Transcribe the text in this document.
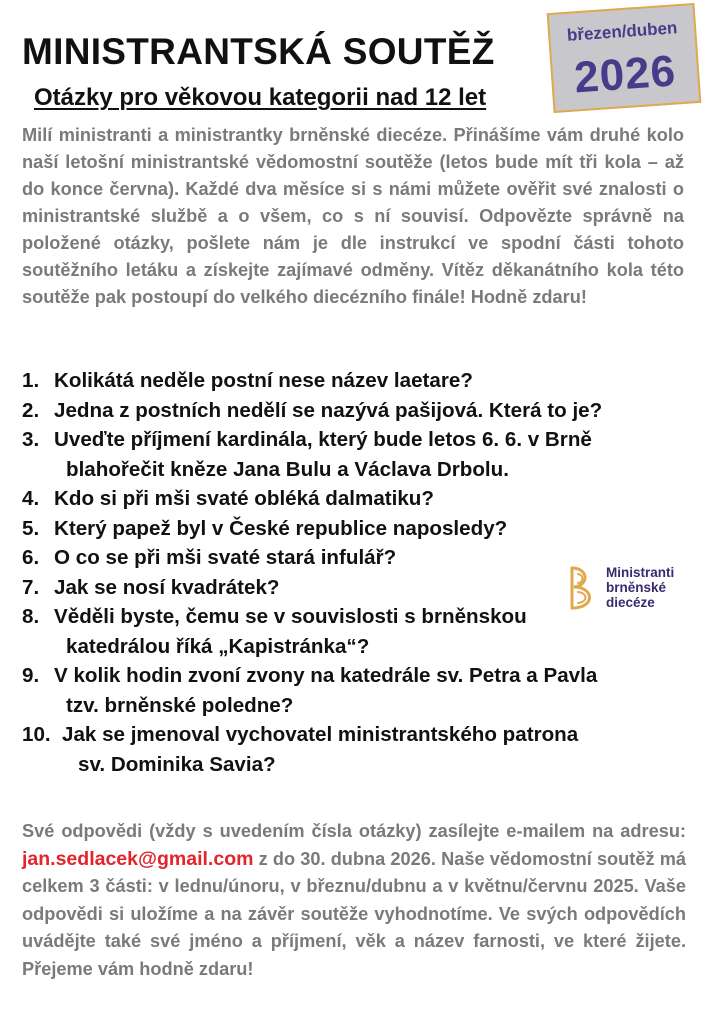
MINISTRANTSKÁ SOUTĚŽ
Otázky pro věkovou kategorii nad 12 let
březen/duben
2026

Milí ministranti a ministrantky brněnské diecéze. Přinášíme vám druhé kolo naší letošní ministrantské vědomostní soutěže (letos bude mít tři kola – až do konce června). Každé dva měsíce si s námi můžete ověřit své znalosti o ministrantské službě a o všem, co s ní souvisí. Odpovězte správně na položené otázky, pošlete nám je dle instrukcí ve spodní části tohoto soutěžního letáku a získejte zajímavé odměny. Vítěz děkanátního kola této soutěže pak postoupí do velkého diecézního finále! Hodně zdaru!

1. Kolikátá neděle postní nese název laetare?
2. Jedna z postních nedělí se nazývá pašijová. Která to je?
3. Uveďte příjmení kardinála, který bude letos 6. 6. v Brně
blahořečit kněze Jana Bulu a Václava Drbolu.
4. Kdo si při mši svaté obléká dalmatiku?
5. Který papež byl v České republice naposledy?
6. O co se při mši svaté stará infulář?
7. Jak se nosí kvadrátek?
8. Věděli byste, čemu se v souvislosti s brněnskou
katedrálou říká „Kapistránka“?
9. V kolik hodin zvoní zvony na katedrále sv. Petra a Pavla
tzv. brněnské poledne?
10. Jak se jmenoval vychovatel ministrantského patrona
sv. Dominika Savia?
Ministranti
brněnské
diecéze

Své odpovědi (vždy s uvedením čísla otázky) zasílejte e-mailem na adresu: jan.sedlacek@gmail.com z do 30. dubna 2026. Naše vědomostní soutěž má celkem 3 části: v lednu/únoru, v březnu/dubnu a v květnu/červnu 2025. Vaše odpovědi si uložíme a na závěr soutěže vyhodnotíme. Ve svých odpovědích uvádějte také své jméno a příjmení, věk a název farnosti, ve které žijete. Přejeme vám hodně zdaru!
